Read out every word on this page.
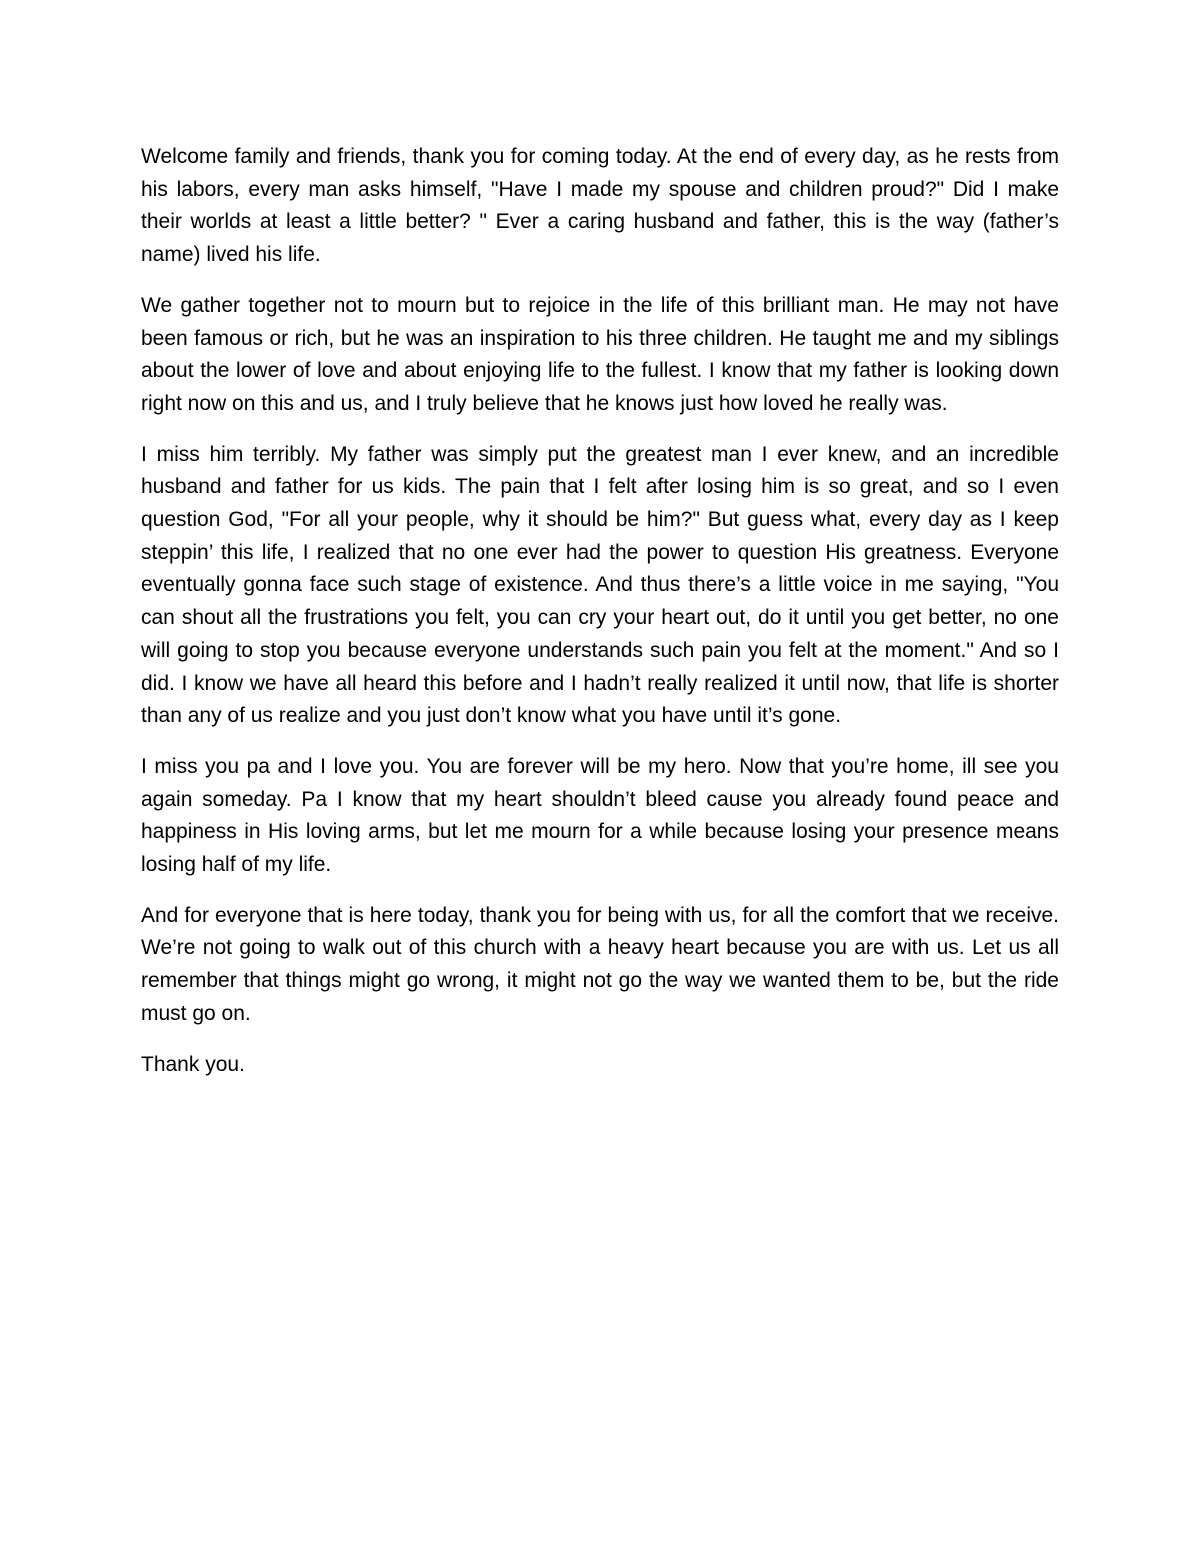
Welcome family and friends, thank you for coming today. At the end of every day, as he rests from his labors, every man asks himself, "Have I made my spouse and children proud?" Did I make their worlds at least a little better? " Ever a caring husband and father, this is the way (father’s name) lived his life.

We gather together not to mourn but to rejoice in the life of this brilliant man. He may not have been famous or rich, but he was an inspiration to his three children. He taught me and my siblings about the lower of love and about enjoying life to the fullest. I know that my father is looking down right now on this and us, and I truly believe that he knows just how loved he really was.

I miss him terribly. My father was simply put the greatest man I ever knew, and an incredible husband and father for us kids. The pain that I felt after losing him is so great, and so I even question God, "For all your people, why it should be him?" But guess what, every day as I keep steppin’ this life, I realized that no one ever had the power to question His greatness. Everyone eventually gonna face such stage of existence. And thus there’s a little voice in me saying, "You can shout all the frustrations you felt, you can cry your heart out, do it until you get better, no one will going to stop you because everyone understands such pain you felt at the moment." And so I did. I know we have all heard this before and I hadn’t really realized it until now, that life is shorter than any of us realize and you just don’t know what you have until it’s gone.

I miss you pa and I love you. You are forever will be my hero. Now that you’re home, ill see you again someday. Pa I know that my heart shouldn’t bleed cause you already found peace and happiness in His loving arms, but let me mourn for a while because losing your presence means losing half of my life.

And for everyone that is here today, thank you for being with us, for all the comfort that we receive. We’re not going to walk out of this church with a heavy heart because you are with us. Let us all remember that things might go wrong, it might not go the way we wanted them to be, but the ride must go on.

Thank you.
